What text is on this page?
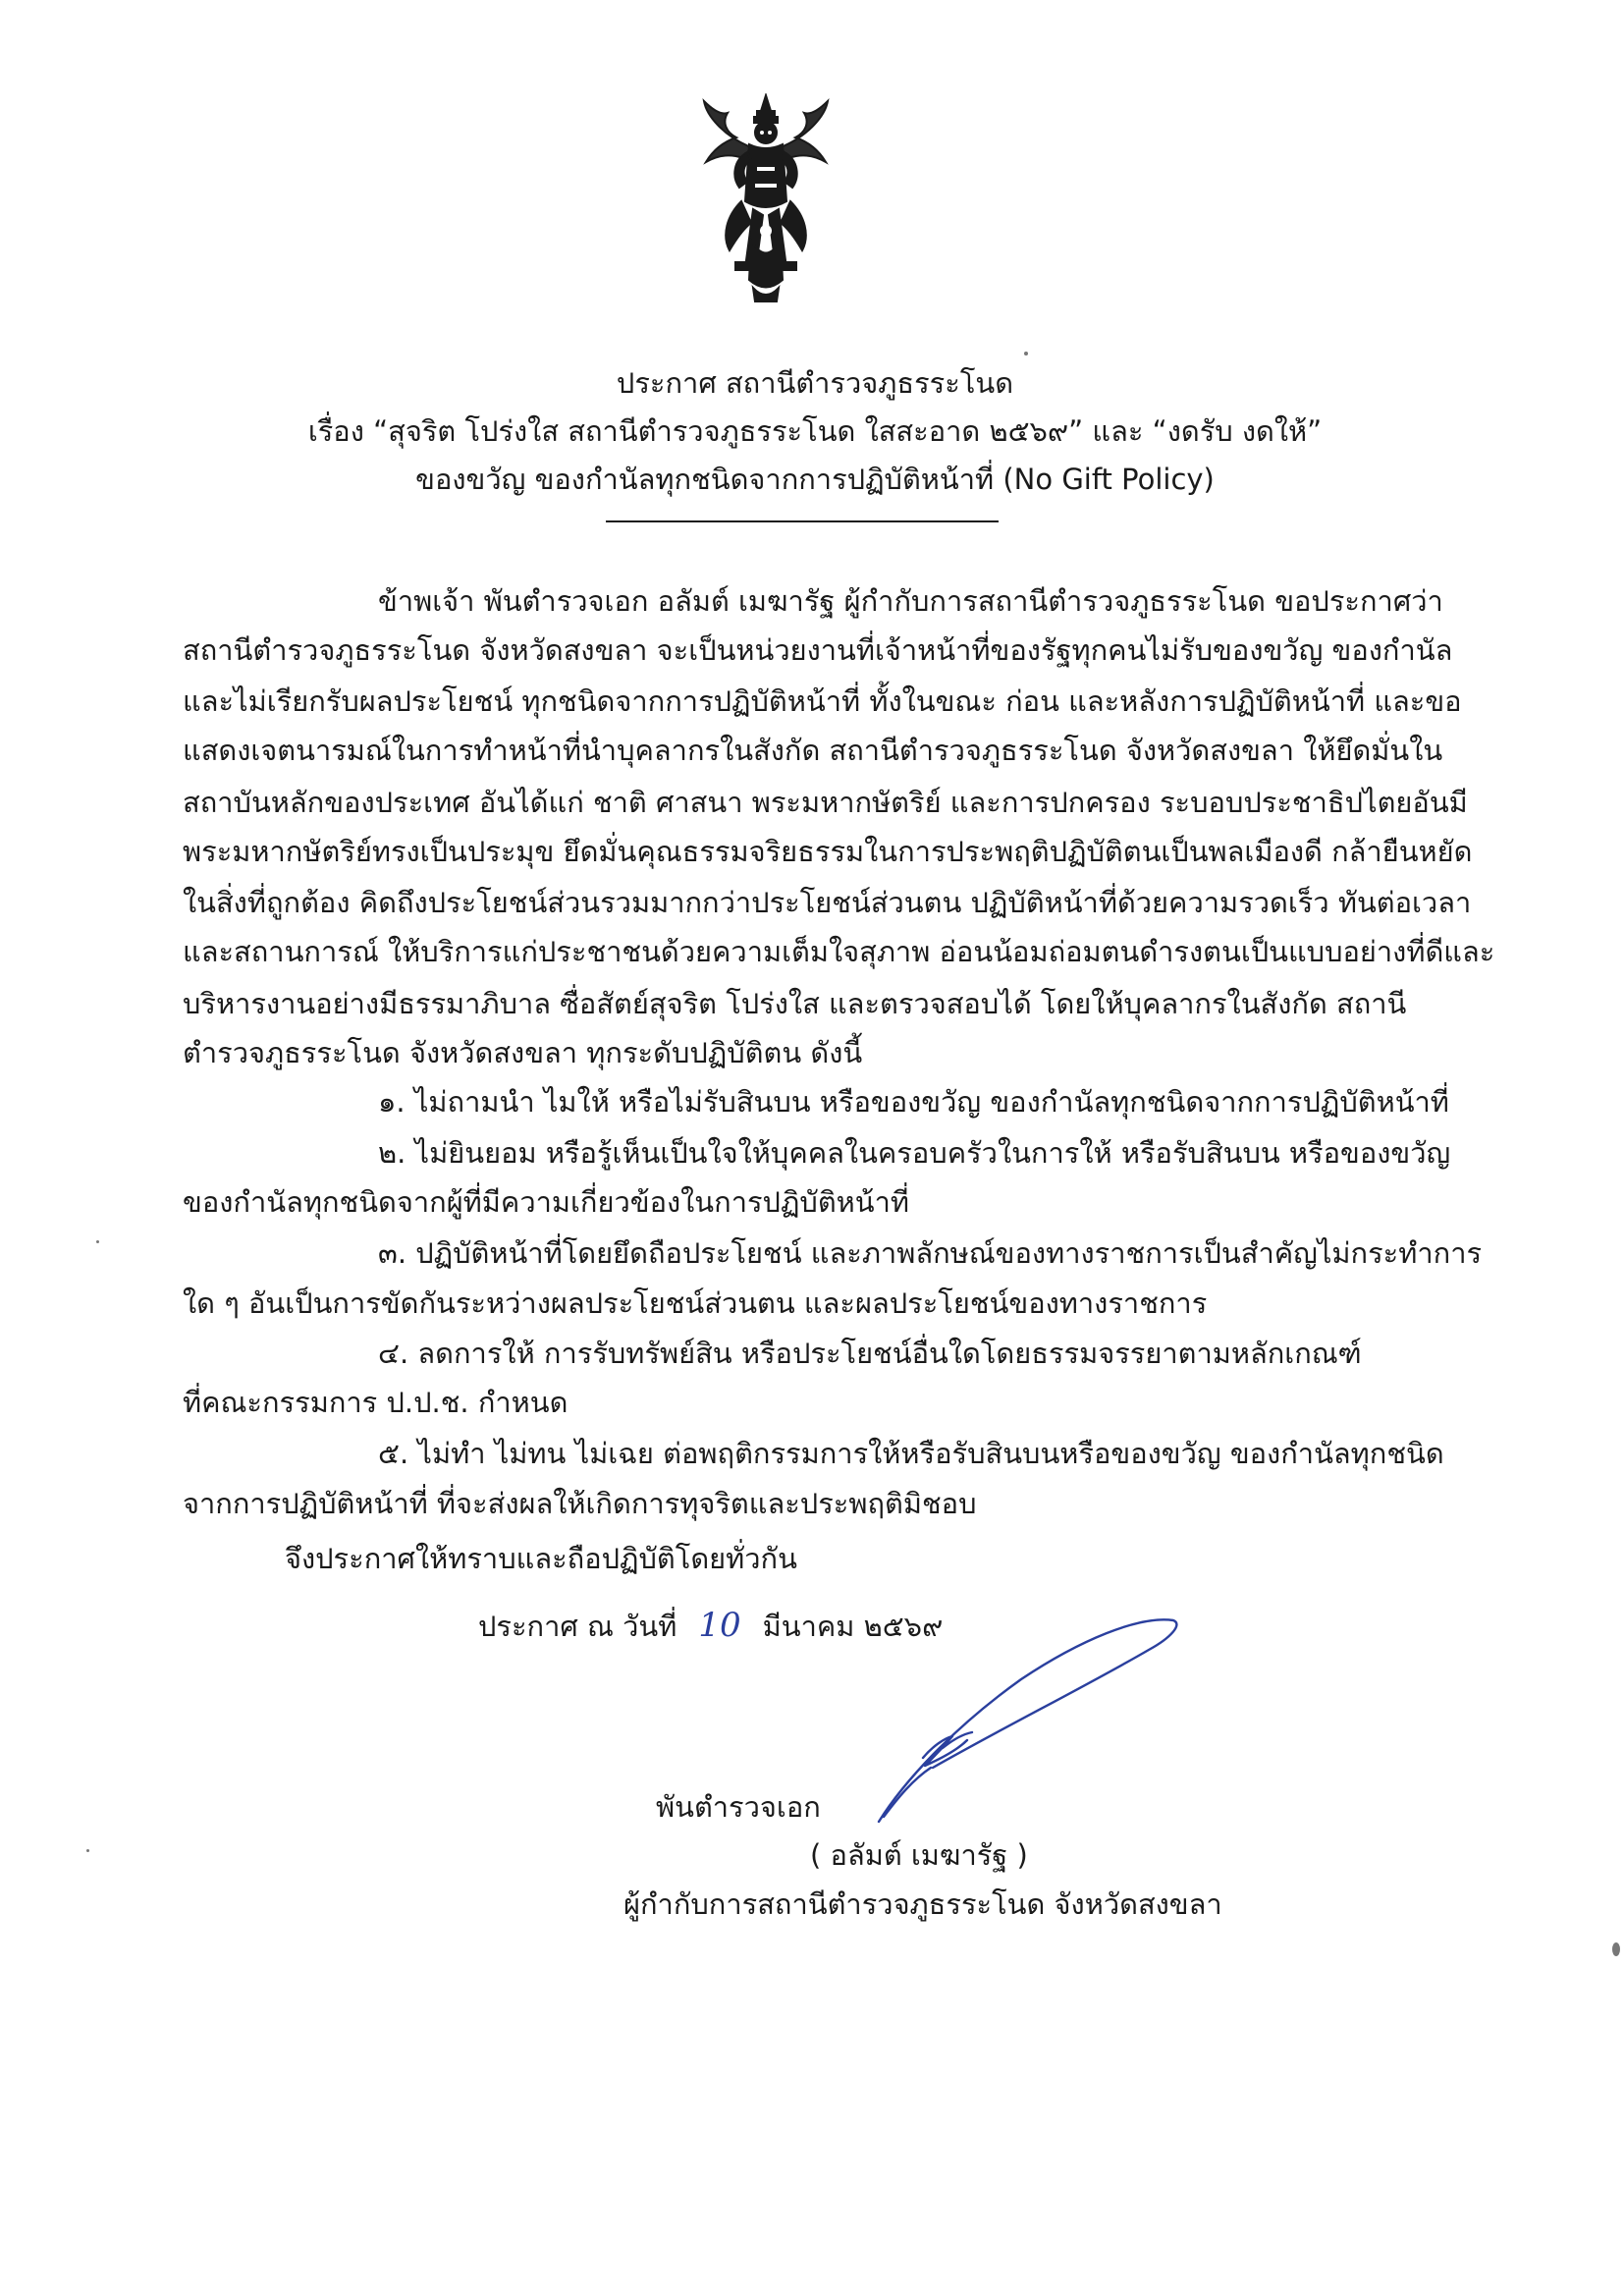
ประกาศ สถานีตำรวจภูธรระโนด
เรื่อง “สุจริต โปร่งใส สถานีตำรวจภูธรระโนด ใสสะอาด ๒๕๖๙” และ “งดรับ งดให้”
ของขวัญ ของกำนัลทุกชนิดจากการปฏิบัติหน้าที่ (No Gift Policy)
ข้าพเจ้า พันตำรวจเอก อลัมต์ เมฆารัฐ ผู้กำกับการสถานีตำรวจภูธรระโนด ขอประกาศว่า
สถานีตำรวจภูธรระโนด จังหวัดสงขลา จะเป็นหน่วยงานที่เจ้าหน้าที่ของรัฐทุกคนไม่รับของขวัญ ของกำนัล
และไม่เรียกรับผลประโยชน์ ทุกชนิดจากการปฏิบัติหน้าที่ ทั้งในขณะ ก่อน และหลังการปฏิบัติหน้าที่ และขอ
แสดงเจตนารมณ์ในการทำหน้าที่นำบุคลากรในสังกัด สถานีตำรวจภูธรระโนด จังหวัดสงขลา ให้ยึดมั่นใน
สถาบันหลักของประเทศ อันได้แก่ ชาติ ศาสนา พระมหากษัตริย์ และการปกครอง ระบอบประชาธิปไตยอันมี
พระมหากษัตริย์ทรงเป็นประมุข ยึดมั่นคุณธรรมจริยธรรมในการประพฤติปฏิบัติตนเป็นพลเมืองดี กล้ายืนหยัด
ในสิ่งที่ถูกต้อง คิดถึงประโยชน์ส่วนรวมมากกว่าประโยชน์ส่วนตน ปฏิบัติหน้าที่ด้วยความรวดเร็ว ทันต่อเวลา
และสถานการณ์ ให้บริการแก่ประชาชนด้วยความเต็มใจสุภาพ อ่อนน้อมถ่อมตนดำรงตนเป็นแบบอย่างที่ดีและ
บริหารงานอย่างมีธรรมาภิบาล ซื่อสัตย์สุจริต โปร่งใส และตรวจสอบได้ โดยให้บุคลากรในสังกัด สถานี
ตำรวจภูธรระโนด จังหวัดสงขลา ทุกระดับปฏิบัติตน ดังนี้
๑. ไม่ถามนำ ไมให้ หรือไม่รับสินบน หรือของขวัญ ของกำนัลทุกชนิดจากการปฏิบัติหน้าที่
๒. ไม่ยินยอม หรือรู้เห็นเป็นใจให้บุคคลในครอบครัวในการให้ หรือรับสินบน หรือของขวัญ
ของกำนัลทุกชนิดจากผู้ที่มีความเกี่ยวข้องในการปฏิบัติหน้าที่
๓. ปฏิบัติหน้าที่โดยยึดถือประโยชน์ และภาพลักษณ์ของทางราชการเป็นสำคัญไม่กระทำการ
ใด ๆ อันเป็นการขัดกันระหว่างผลประโยชน์ส่วนตน และผลประโยชน์ของทางราชการ
๔. ลดการให้ การรับทรัพย์สิน หรือประโยชน์อื่นใดโดยธรรมจรรยาตามหลักเกณฑ์
ที่คณะกรรมการ ป.ป.ช. กำหนด
๕. ไม่ทำ ไม่ทน ไม่เฉย ต่อพฤติกรรมการให้หรือรับสินบนหรือของขวัญ ของกำนัลทุกชนิด
จากการปฏิบัติหน้าที่ ที่จะส่งผลให้เกิดการทุจริตและประพฤติมิชอบ
จึงประกาศให้ทราบและถือปฏิบัติโดยทั่วกัน
ประกาศ ณ วันที่ 10 มีนาคม ๒๕๖๙
พันตำรวจเอก
( อลัมต์ เมฆารัฐ )
ผู้กำกับการสถานีตำรวจภูธรระโนด จังหวัดสงขลา
